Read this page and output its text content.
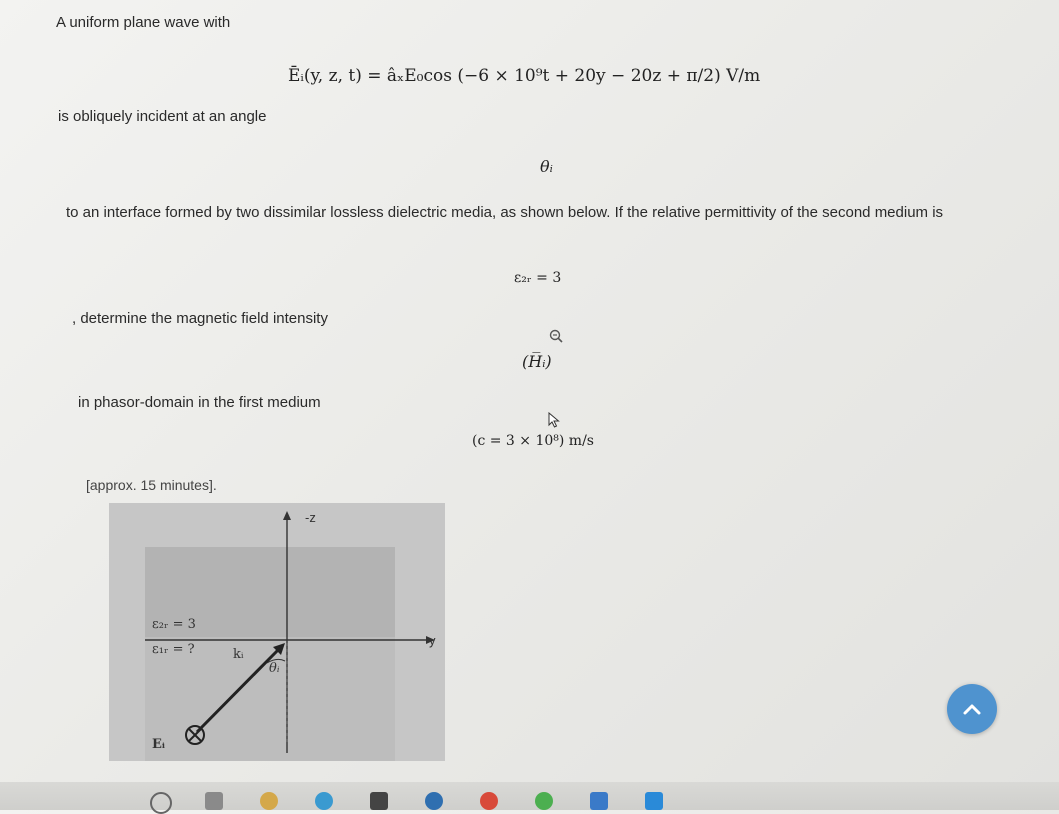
A uniform plane wave with
Ēᵢ(y, z, t) = âₓE₀cos (−6 × 10⁹t + 20y − 20z + π/2) V/m
is obliquely incident at an angle
θᵢ
to an interface formed by two dissimilar lossless dielectric media, as shown below. If the relative permittivity of the second medium is
ε₂ᵣ = 3
, determine the magnetic field intensity
(H̅ᵢ)
in phasor-domain in the first medium
(c = 3 × 10⁸) m/s
[approx. 15 minutes].
-z
y
ε₂ᵣ = 3
ε₁ᵣ = ?	kᵢ
θᵢ
Eᵢ
